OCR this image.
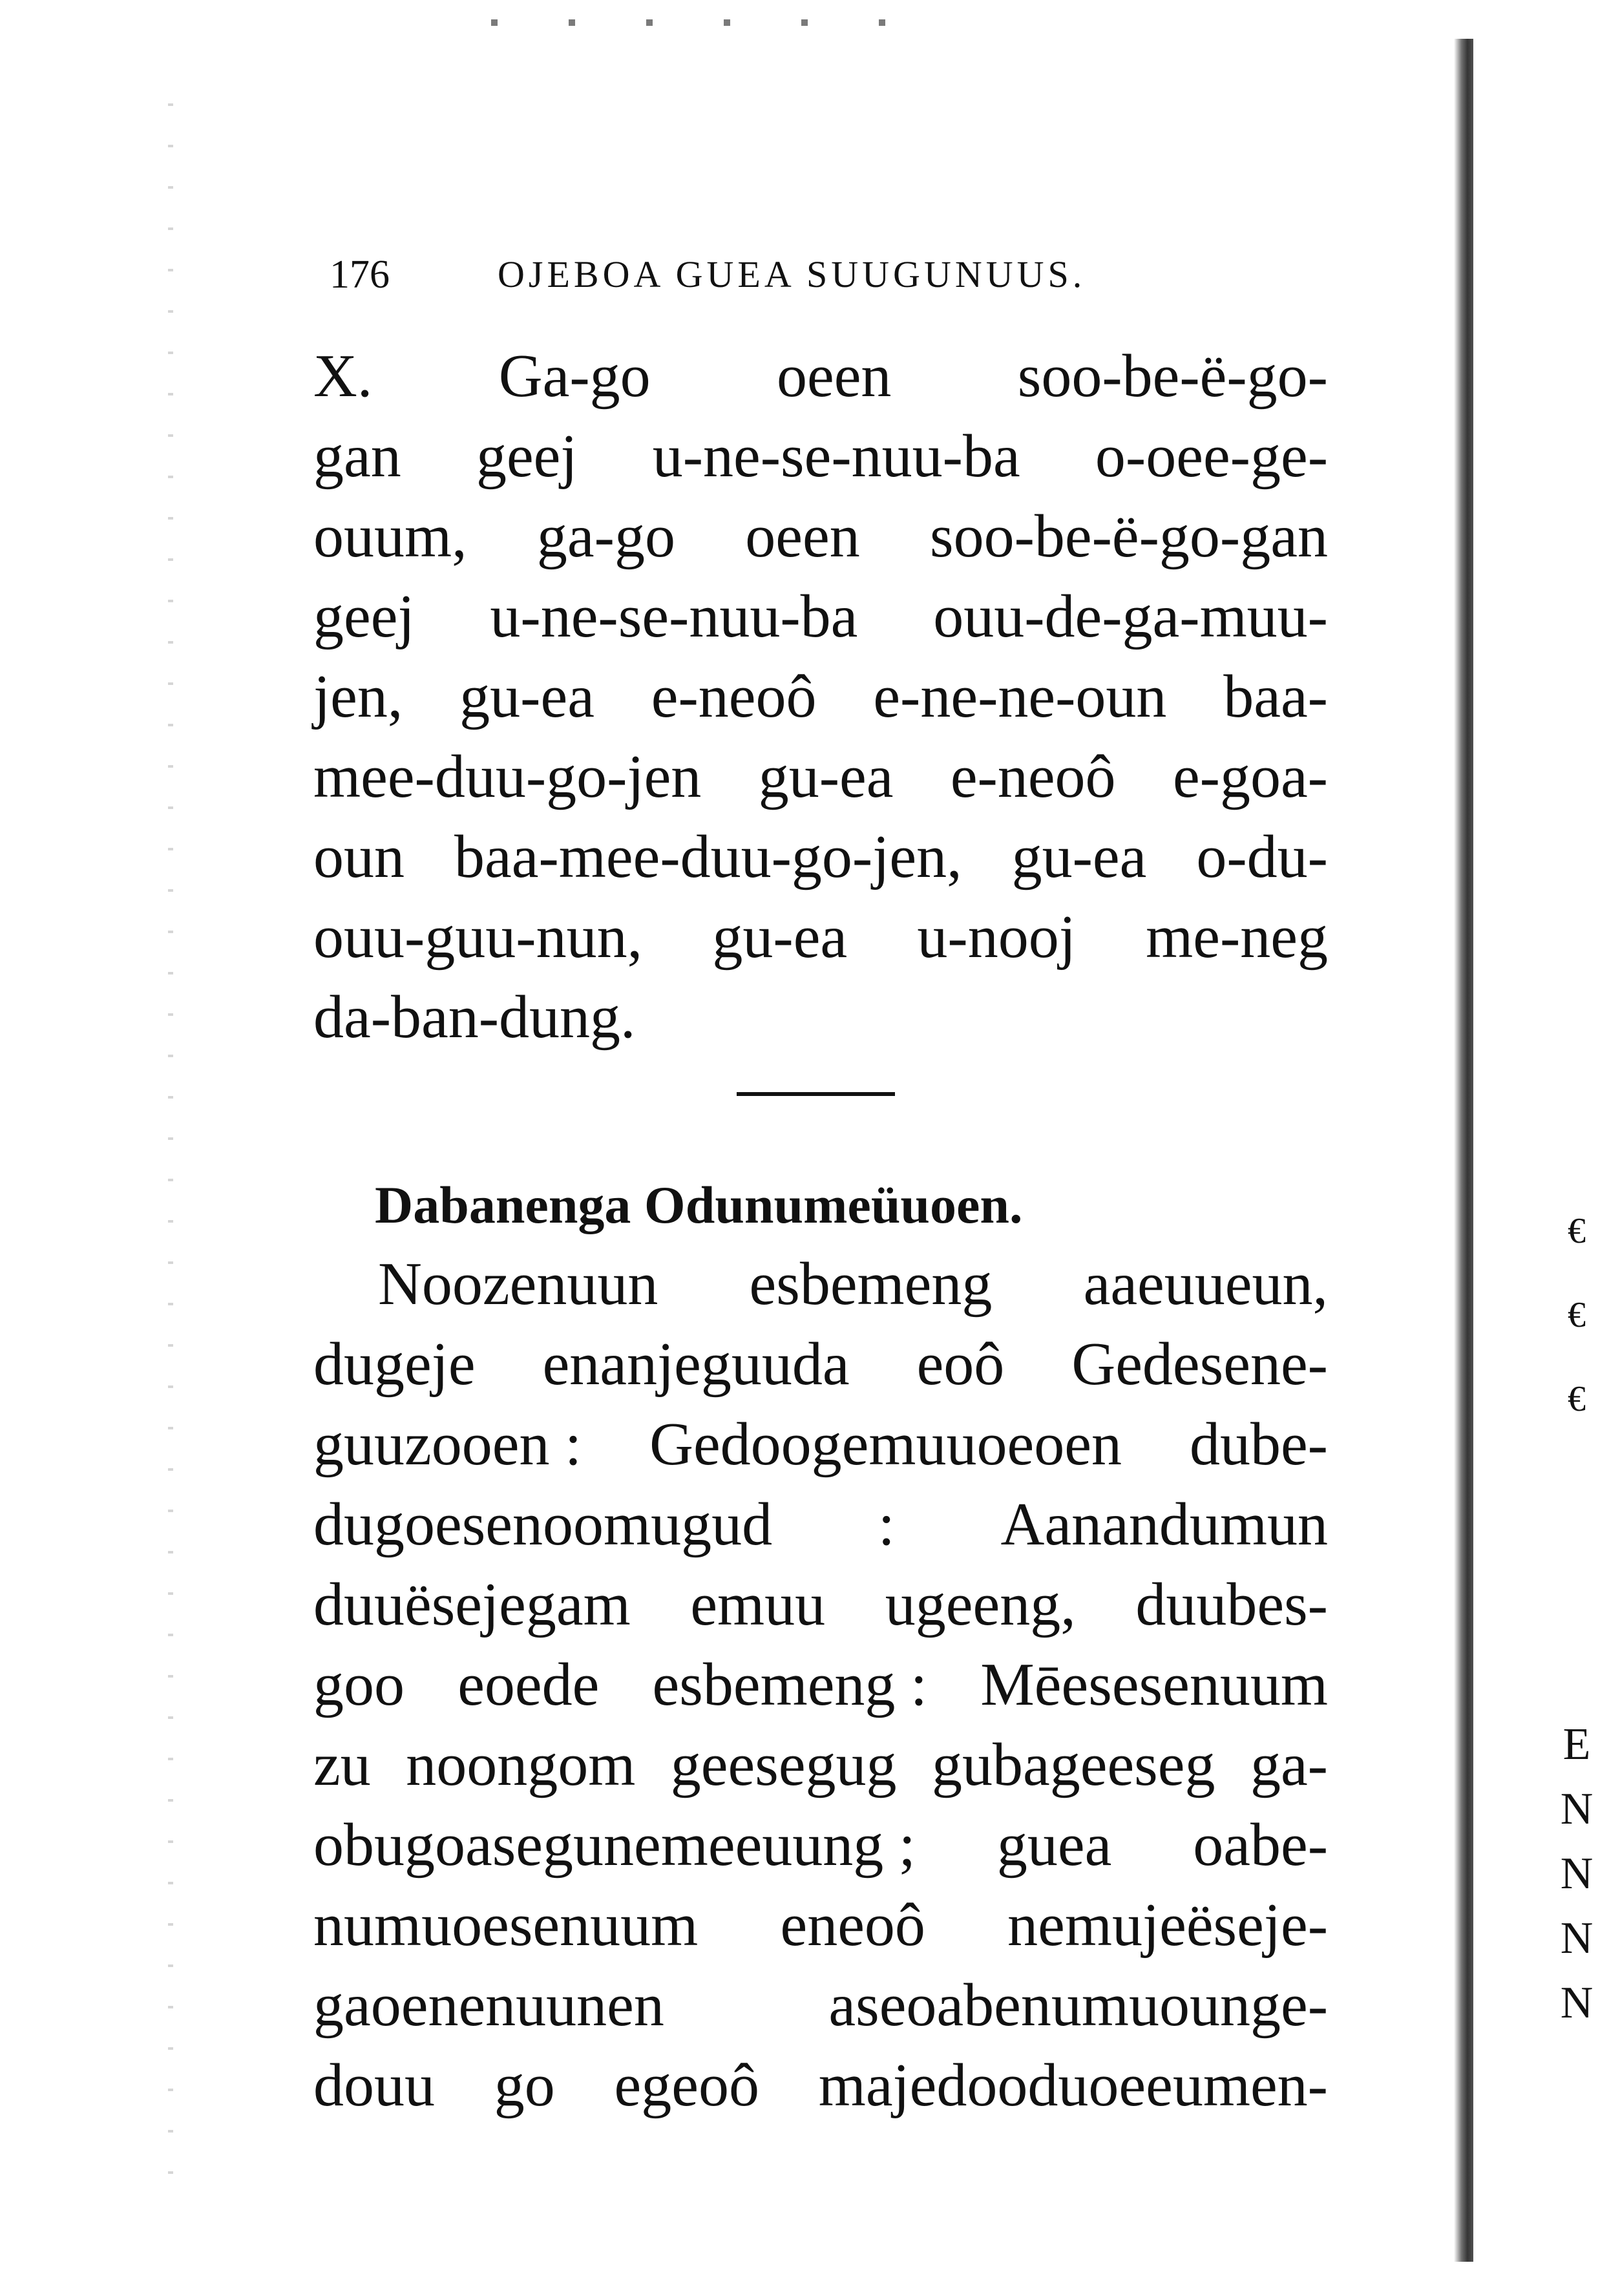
176	OJEBOA GUEA SUUGUNUUS.
X. Ga-go oeen soo-be-ë-go-
gan geej u-ne-se-nuu-ba o-oee-ge-
ouum, ga-go oeen soo-be-ë-go-gan
geej u-ne-se-nuu-ba ouu-de-ga-muu-
jen, gu-ea e-neoô e-ne-ne-oun baa-
mee-duu-go-jen gu-ea e-neoô e-goa-
oun baa-mee-duu-go-jen, gu-ea o-du-
ouu-guu-nun, gu-ea u-nooj me-neg
da-ban-dung.
Dabanenga Odunumeüuoen.
Noozenuun esbemeng aaeuueun,
dugeje enanjeguuda eoô Gedesene-
guuzooen : Gedoogemuuoeoen dube-
dugoesenoomugud : Aanandumun
duuësejegam emuu ugeeng, duubes-
goo eoede esbemeng : Mēesesenuum
zu noongom geesegug gubageeseg ga-
obugoasegunemeeuung ; guea oabe-
numuoesenuum eneoô nemujeëseje-
gaoenenuunen	aseoabenumuounge-
douu go egeoô majedooduoeeumen-
€
€
€
E
N
N
N
N
